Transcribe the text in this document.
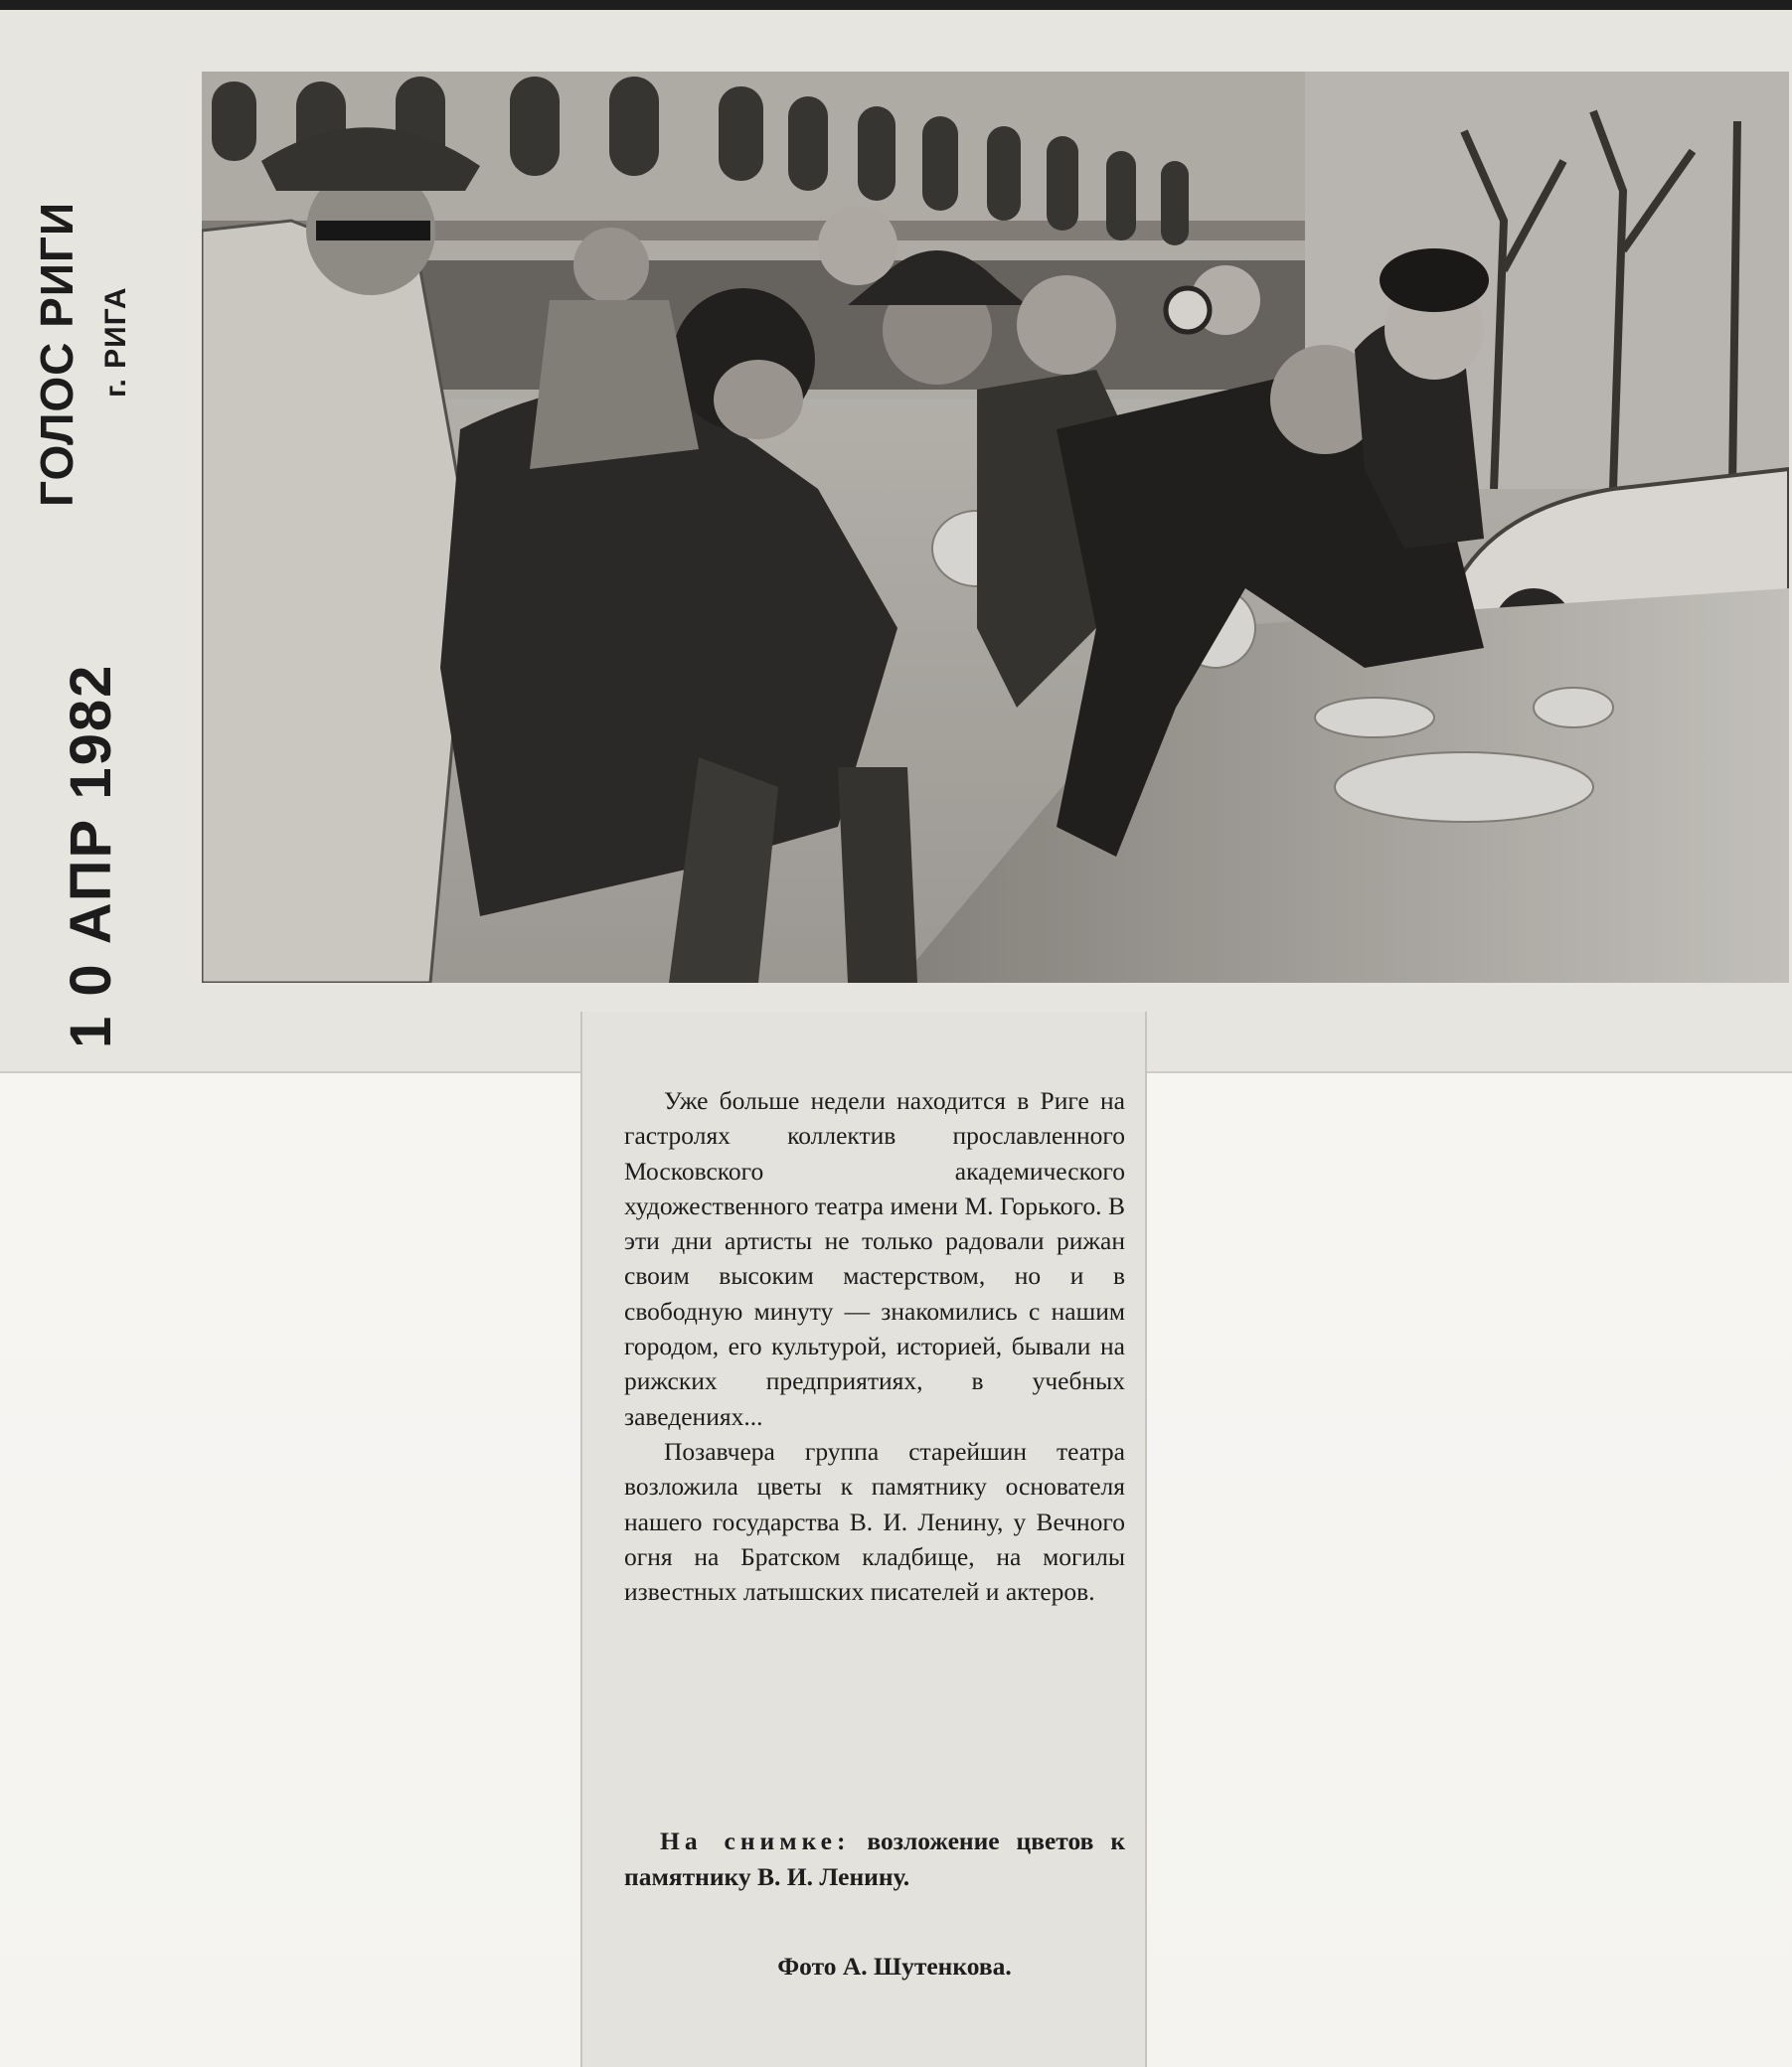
ГОЛОС РИГИ г. РИГА
1 0 АПР 1982

Уже больше недели находится в Риге на гастролях коллектив прославленного Московского академического художественного театра имени М. Горького. В эти дни артисты не только радовали рижан своим высоким мастерством, но и в свободную минуту — знакомились с нашим городом, его культурой, историей, бывали на рижских предприятиях, в учебных заведениях...

Позавчера группа старейшин театра возложила цветы к памятнику основателя нашего государства В. И. Ленину, у Вечного огня на Братском кладбище, на могилы известных латышских писателей и актеров.

На снимке: возложение цветов к памятнику В. И. Ленину.
Фото А. Шутенкова.
